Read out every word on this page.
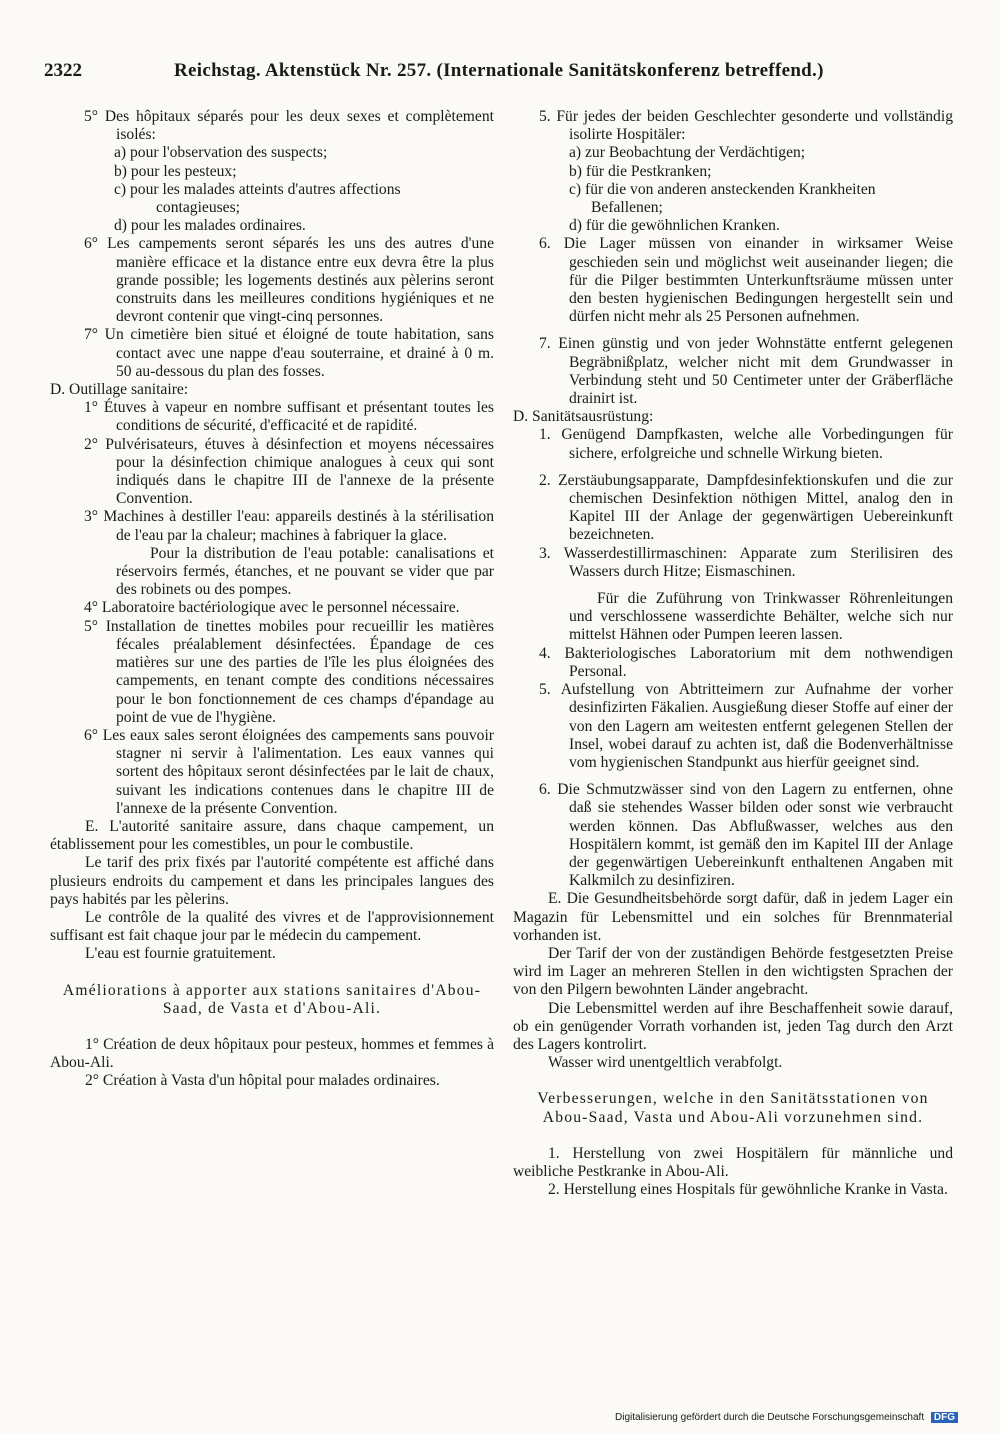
2322	Reichstag. Aktenstück Nr. 257. (Internationale Sanitätskonferenz betreffend.)

5° Des hôpitaux séparés pour les deux sexes et complètement isolés:

a) pour l'observation des suspects;

b) pour les pesteux;

c) pour les malades atteints d'autres affections

contagieuses;

d) pour les malades ordinaires.

6° Les campements seront séparés les uns des autres d'une manière efficace et la distance entre eux devra être la plus grande possible; les logements destinés aux pèlerins seront construits dans les meilleures conditions hygiéniques et ne devront contenir que vingt-cinq personnes.

7° Un cimetière bien situé et éloigné de toute habitation, sans contact avec une nappe d'eau souterraine, et drainé à 0 m. 50 au-dessous du plan des fosses.

D. Outillage sanitaire:

1° Étuves à vapeur en nombre suffisant et présentant toutes les conditions de sécurité, d'efficacité et de rapidité.

2° Pulvérisateurs, étuves à désinfection et moyens nécessaires pour la désinfection chimique analogues à ceux qui sont indiqués dans le chapitre III de l'annexe de la présente Convention.

3° Machines à destiller l'eau: appareils destinés à la stérilisation de l'eau par la chaleur; machines à fabriquer la glace.

Pour la distribution de l'eau potable: canalisations et réservoirs fermés, étanches, et ne pouvant se vider que par des robinets ou des pompes.

4° Laboratoire bactériologique avec le personnel nécessaire.

5° Installation de tinettes mobiles pour recueillir les matières fécales préalablement désinfectées. Épandage de ces matières sur une des parties de l'île les plus éloignées des campements, en tenant compte des conditions nécessaires pour le bon fonctionnement de ces champs d'épandage au point de vue de l'hygiène.

6° Les eaux sales seront éloignées des campements sans pouvoir stagner ni servir à l'alimentation. Les eaux vannes qui sortent des hôpitaux seront désinfectées par le lait de chaux, suivant les indications contenues dans le chapitre III de l'annexe de la présente Convention.

E. L'autorité sanitaire assure, dans chaque campement, un établissement pour les comestibles, un pour le combustile.

Le tarif des prix fixés par l'autorité compétente est affiché dans plusieurs endroits du campement et dans les principales langues des pays habités par les pèlerins.

Le contrôle de la qualité des vivres et de l'approvisionnement suffisant est fait chaque jour par le médecin du campement.

L'eau est fournie gratuitement.

Améliorations à apporter aux stations sanitaires d'Abou-Saad, de Vasta et d'Abou-Ali.

1° Création de deux hôpitaux pour pesteux, hommes et femmes à Abou-Ali.

2° Création à Vasta d'un hôpital pour malades ordinaires.

5. Für jedes der beiden Geschlechter gesonderte und vollständig isolirte Hospitäler:

a) zur Beobachtung der Verdächtigen;

b) für die Pestkranken;

c) für die von anderen ansteckenden Krankheiten

Befallenen;

d) für die gewöhnlichen Kranken.

6. Die Lager müssen von einander in wirksamer Weise geschieden sein und möglichst weit auseinander liegen; die für die Pilger bestimmten Unterkunftsräume müssen unter den besten hygienischen Bedingungen hergestellt sein und dürfen nicht mehr als 25 Personen aufnehmen.

7. Einen günstig und von jeder Wohnstätte entfernt gelegenen Begräbnißplatz, welcher nicht mit dem Grundwasser in Verbindung steht und 50 Centimeter unter der Gräberfläche drainirt ist.

D. Sanitätsausrüstung:

1. Genügend Dampfkasten, welche alle Vorbedingungen für sichere, erfolgreiche und schnelle Wirkung bieten.

2. Zerstäubungsapparate, Dampfdesinfektionskufen und die zur chemischen Desinfektion nöthigen Mittel, analog den in Kapitel III der Anlage der gegenwärtigen Uebereinkunft bezeichneten.

3. Wasserdestillirmaschinen: Apparate zum Sterilisiren des Wassers durch Hitze; Eismaschinen.

Für die Zuführung von Trinkwasser Röhrenleitungen und verschlossene wasserdichte Behälter, welche sich nur mittelst Hähnen oder Pumpen leeren lassen.

4. Bakteriologisches Laboratorium mit dem nothwendigen Personal.

5. Aufstellung von Abtritteimern zur Aufnahme der vorher desinfizirten Fäkalien. Ausgießung dieser Stoffe auf einer der von den Lagern am weitesten entfernt gelegenen Stellen der Insel, wobei darauf zu achten ist, daß die Bodenverhältnisse vom hygienischen Standpunkt aus hierfür geeignet sind.

6. Die Schmutzwässer sind von den Lagern zu entfernen, ohne daß sie stehendes Wasser bilden oder sonst wie verbraucht werden können. Das Abflußwasser, welches aus den Hospitälern kommt, ist gemäß den im Kapitel III der Anlage der gegenwärtigen Uebereinkunft enthaltenen Angaben mit Kalkmilch zu desinfiziren.

E. Die Gesundheitsbehörde sorgt dafür, daß in jedem Lager ein Magazin für Lebensmittel und ein solches für Brennmaterial vorhanden ist.

Der Tarif der von der zuständigen Behörde festgesetzten Preise wird im Lager an mehreren Stellen in den wichtigsten Sprachen der von den Pilgern bewohnten Länder angebracht.

Die Lebensmittel werden auf ihre Beschaffenheit sowie darauf, ob ein genügender Vorrath vorhanden ist, jeden Tag durch den Arzt des Lagers kontrolirt.

Wasser wird unentgeltlich verabfolgt.

Verbesserungen, welche in den Sanitätsstationen von Abou-Saad, Vasta und Abou-Ali vorzunehmen sind.

1. Herstellung von zwei Hospitälern für männliche und weibliche Pestkranke in Abou-Ali.

2. Herstellung eines Hospitals für gewöhnliche Kranke in Vasta.

Digitalisierung gefördert durch die Deutsche Forschungsgemeinschaft DFG
